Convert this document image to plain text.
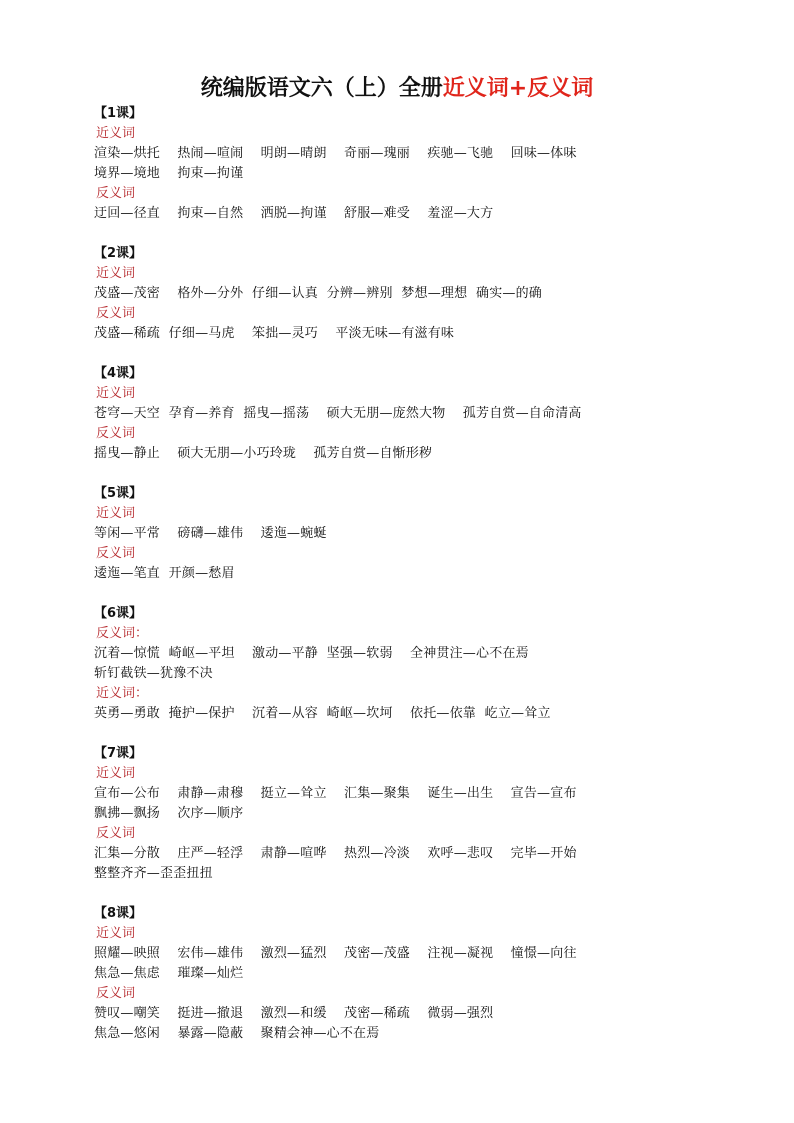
统编版语文六（上）全册近义词+反义词
【1课】
近义词
渲染—烘托    热闹—喧闹    明朗—晴朗    奇丽—瑰丽    疾驰—飞驰    回味—体味
境界—境地    拘束—拘谨
反义词
迂回—径直    拘束—自然    洒脱—拘谨    舒服—难受    羞涩—大方
【2课】
近义词
茂盛—茂密    格外—分外  仔细—认真  分辨—辨别  梦想—理想  确实—的确
反义词
茂盛—稀疏  仔细—马虎    笨拙—灵巧    平淡无味—有滋有味
【4课】
近义词
苍穹—天空  孕育—养育  摇曳—摇荡    硕大无朋—庞然大物    孤芳自赏—自命清高
反义词
摇曳—静止    硕大无朋—小巧玲珑    孤芳自赏—自惭形秽
【5课】
近义词
等闲—平常    磅礴—雄伟    逶迤—蜿蜒
反义词
逶迤—笔直  开颜—愁眉
【6课】
反义词：
沉着—惊慌  崎岖—平坦    激动—平静  坚强—软弱    全神贯注—心不在焉
斩钉截铁—犹豫不决
近义词：
英勇—勇敢  掩护—保护    沉着—从容  崎岖—坎坷    依托—依靠  屹立—耸立
【7课】
近义词
宣布—公布    肃静—肃穆    挺立—耸立    汇集—聚集    诞生—出生    宣告—宣布
飘拂—飘扬    次序—顺序
反义词
汇集—分散    庄严—轻浮    肃静—喧哗    热烈—冷淡    欢呼—悲叹    完毕—开始
整整齐齐—歪歪扭扭
【8课】
近义词
照耀—映照    宏伟—雄伟    激烈—猛烈    茂密—茂盛    注视—凝视    憧憬—向往
焦急—焦虑    璀璨—灿烂
反义词
赞叹—嘲笑    挺进—撤退    激烈—和缓    茂密—稀疏    微弱—强烈
焦急—悠闲    暴露—隐蔽    聚精会神—心不在焉
